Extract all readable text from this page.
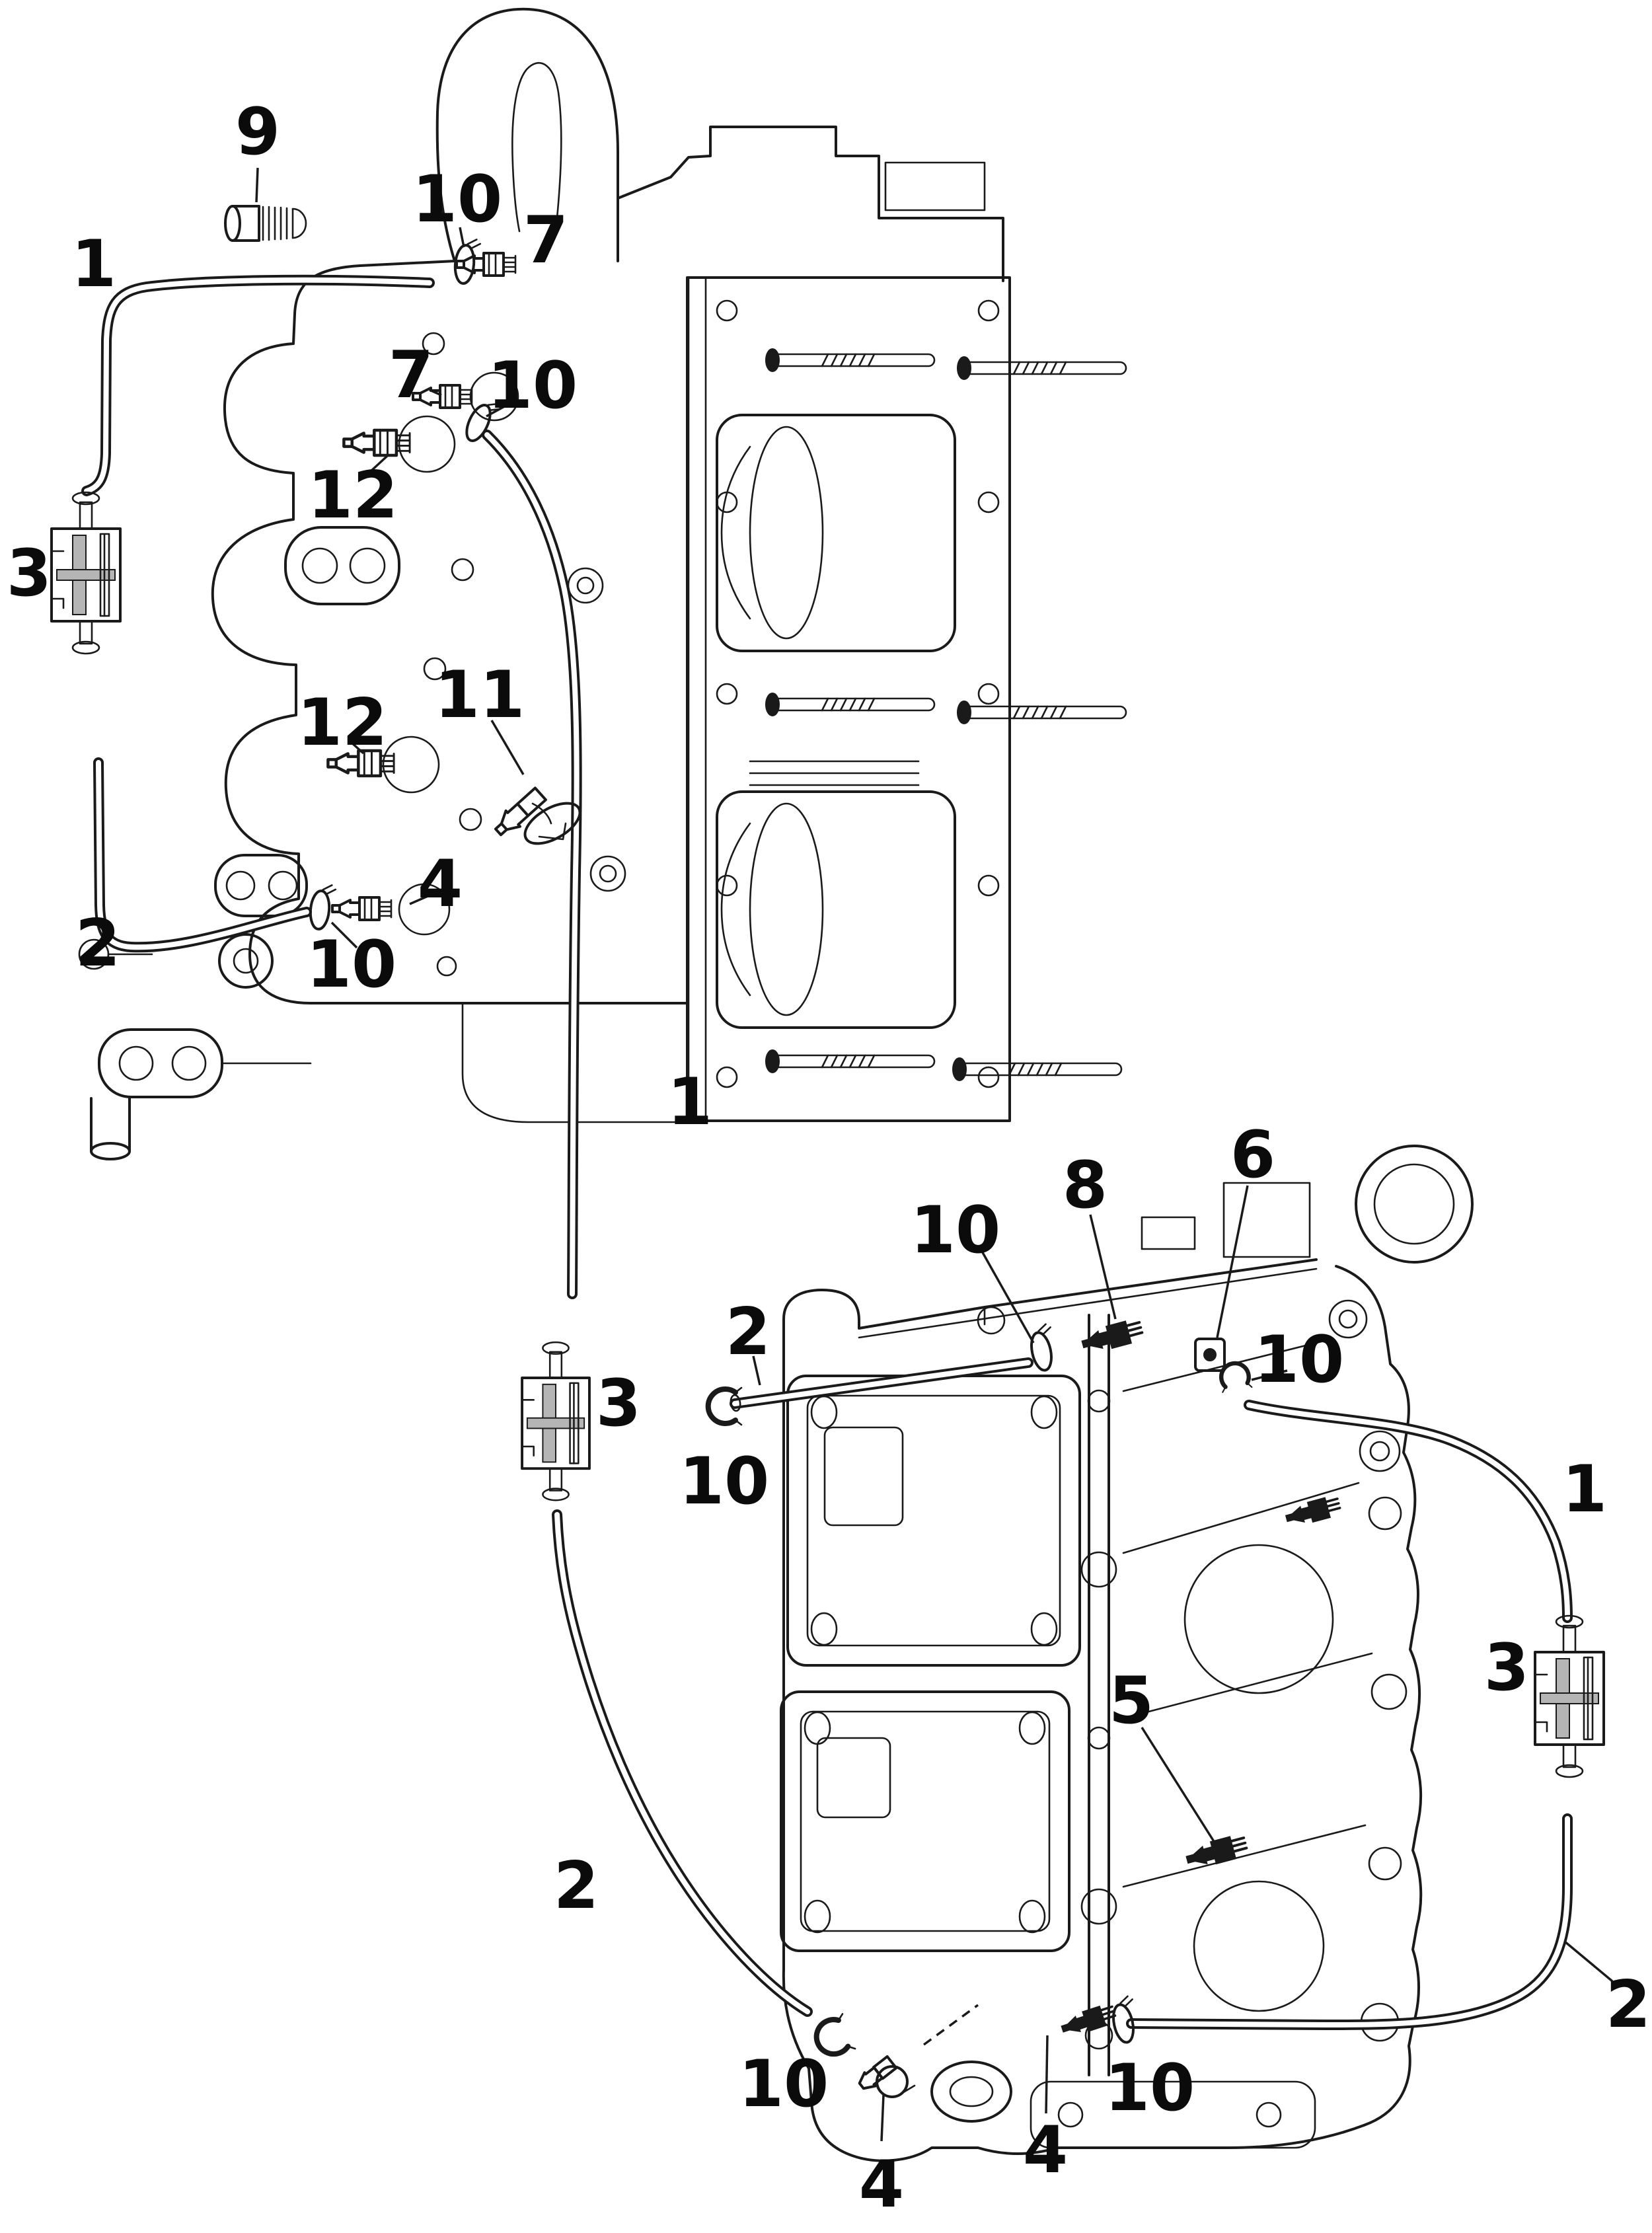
9
10
7
1
7 10
12
3
11
12
4
2	10
1
8 6
10
2	10
3
10	1
3
5
2
2
10	10
4 4
